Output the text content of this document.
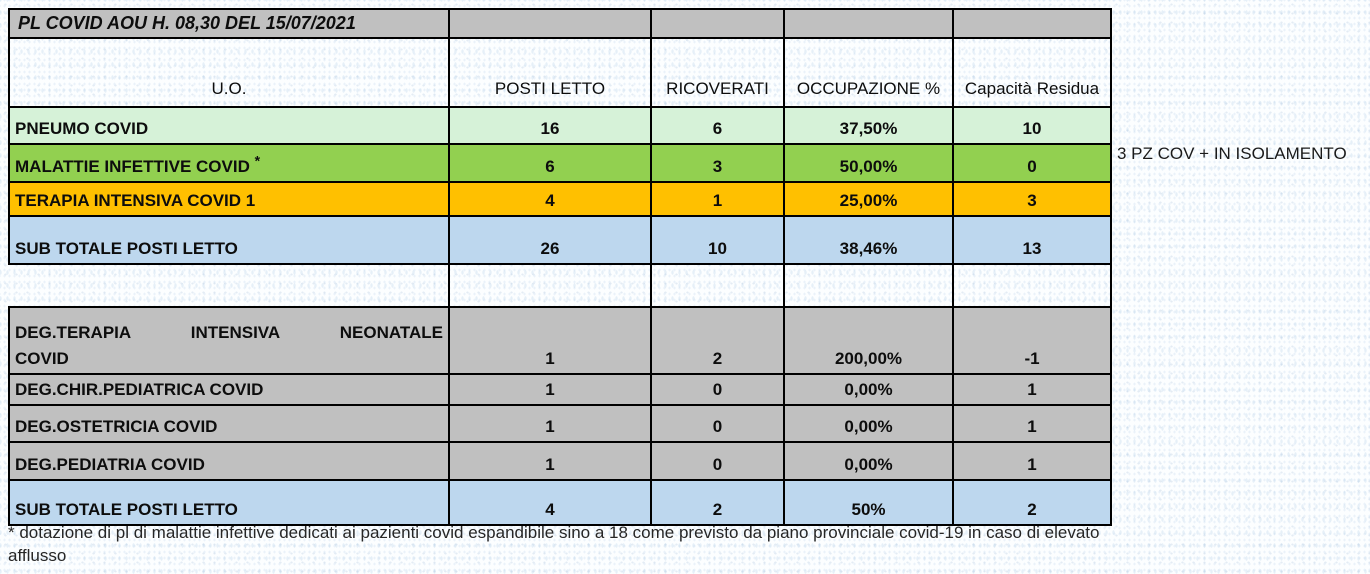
PL COVID AOU H. 08,30 DEL 15/07/2021				
U.O.	POSTI LETTO	RICOVERATI	OCCUPAZIONE %	Capacità Residua
PNEUMO COVID	16	6	37,50%	10
MALATTIE INFETTIVE COVID *	6	3	50,00%	0
TERAPIA INTENSIVA COVID 1	4	1	25,00%	3
SUB TOTALE POSTI LETTO	26	10	38,46%	13

DEG.TERAPIA INTENSIVA NEONATALE
COVID	1	2	200,00%	-1
DEG.CHIR.PEDIATRICA COVID	1	0	0,00%	1
DEG.OSTETRICIA COVID	1	0	0,00%	1
DEG.PEDIATRIA COVID	1	0	0,00%	1
SUB TOTALE POSTI LETTO	4	2	50%	2
3 PZ COV + IN ISOLAMENTO
* dotazione di pl di malattie infettive dedicati ai pazienti covid espandibile sino a 18 come previsto da piano provinciale covid-19 in caso di elevato afflusso
